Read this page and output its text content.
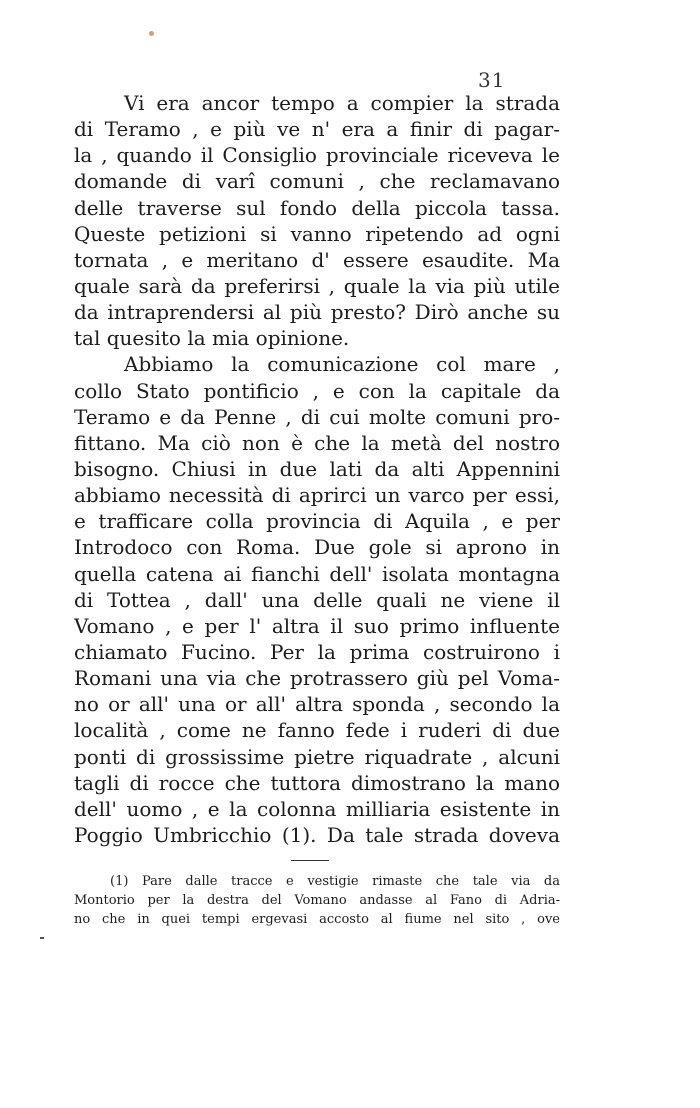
31
Vi era ancor tempo a compier la strada
di Teramo , e più ve n' era a finir di pagar-
la , quando il Consiglio provinciale riceveva le
domande di varî comuni , che reclamavano
delle traverse sul fondo della piccola tassa.
Queste petizioni si vanno ripetendo ad ogni
tornata , e meritano d' essere esaudite. Ma
quale sarà da preferirsi , quale la via più utile
da intraprendersi al più presto? Dirò anche su
tal quesito la mia opinione.
Abbiamo la comunicazione col mare ,
collo Stato pontificio , e con la capitale da
Teramo e da Penne , di cui molte comuni pro-
fittano. Ma ciò non è che la metà del nostro
bisogno. Chiusi in due lati da alti Appennini
abbiamo necessità di aprirci un varco per essi,
e trafficare colla provincia di Aquila , e per
Introdoco con Roma. Due gole si aprono in
quella catena ai fianchi dell' isolata montagna
di Tottea , dall' una delle quali ne viene il
Vomano , e per l' altra il suo primo influente
chiamato Fucino. Per la prima costruirono i
Romani una via che protrassero giù pel Voma-
no or all' una or all' altra sponda , secondo la
località , come ne fanno fede i ruderi di due
ponti di grossissime pietre riquadrate , alcuni
tagli di rocce che tuttora dimostrano la mano
dell' uomo , e la colonna milliaria esistente in
Poggio Umbricchio (1). Da tale strada doveva
(1) Pare dalle tracce e vestigie rimaste che tale via da
Montorio per la destra del Vomano andasse al Fano di Adria-
no che in quei tempi ergevasi accosto al fiume nel sito , ove
